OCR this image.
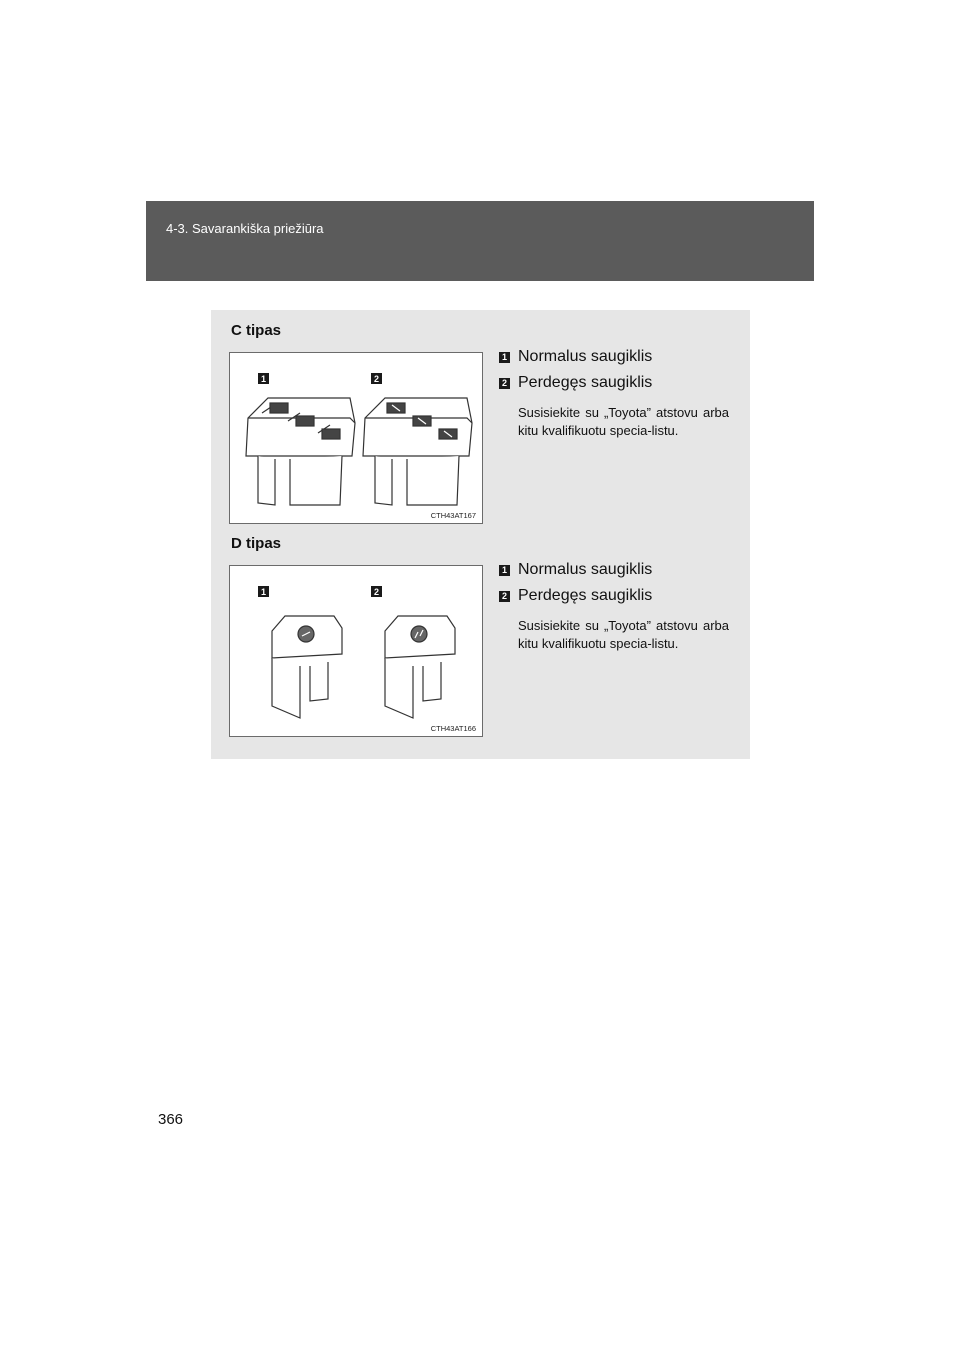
4-3. Savarankiška priežiūra
C tipas
1	2
CTH43AT167
1 Normalus saugiklis
2 Perdegęs saugiklis
Susisiekite su „Toyota” atstovu arba kitu kvalifikuotu specia-listu.
D tipas
1	2
CTH43AT166
1 Normalus saugiklis
2 Perdegęs saugiklis
Susisiekite su „Toyota” atstovu arba kitu kvalifikuotu specia-listu.
366
